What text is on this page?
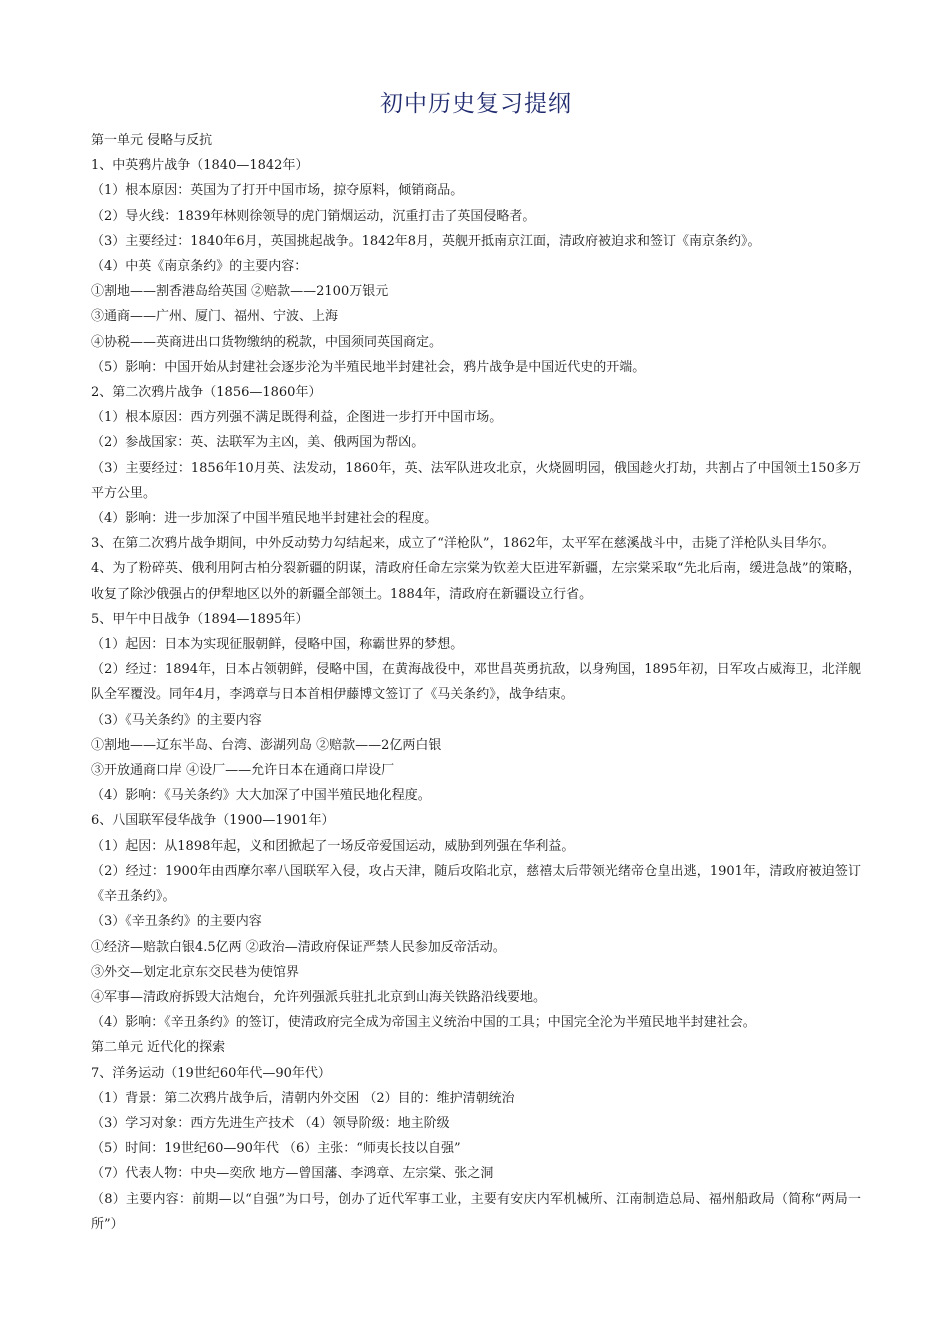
初中历史复习提纲
第一单元 侵略与反抗
1、中英鸦片战争（1840—1842年）
（1）根本原因：英国为了打开中国市场，掠夺原料，倾销商品。
（2）导火线：1839年林则徐领导的虎门销烟运动，沉重打击了英国侵略者。
（3）主要经过：1840年6月，英国挑起战争。1842年8月，英舰开抵南京江面，清政府被迫求和签订《南京条约》。
（4）中英《南京条约》的主要内容：
①割地——割香港岛给英国 ②赔款——2100万银元
③通商——广州、厦门、福州、宁波、上海
④协税——英商进出口货物缴纳的税款，中国须同英国商定。
（5）影响：中国开始从封建社会逐步沦为半殖民地半封建社会，鸦片战争是中国近代史的开端。
2、第二次鸦片战争（1856—1860年）
（1）根本原因：西方列强不满足既得利益，企图进一步打开中国市场。
（2）参战国家：英、法联军为主凶，美、俄两国为帮凶。
（3）主要经过：1856年10月英、法发动，1860年，英、法军队进攻北京，火烧圆明园，俄国趁火打劫，共割占了中国领土150多万平方公里。
（4）影响：进一步加深了中国半殖民地半封建社会的程度。
3、在第二次鸦片战争期间，中外反动势力勾结起来，成立了“洋枪队”，1862年，太平军在慈溪战斗中，击毙了洋枪队头目华尔。
4、为了粉碎英、俄利用阿古柏分裂新疆的阴谋，清政府任命左宗棠为钦差大臣进军新疆，左宗棠采取“先北后南，缓进急战”的策略，收复了除沙俄强占的伊犁地区以外的新疆全部领土。1884年，清政府在新疆设立行省。
5、甲午中日战争（1894—1895年）
（1）起因：日本为实现征服朝鲜，侵略中国，称霸世界的梦想。
（2）经过：1894年，日本占领朝鲜，侵略中国，在黄海战役中，邓世昌英勇抗敌，以身殉国，1895年初，日军攻占威海卫，北洋舰队全军覆没。同年4月，李鸿章与日本首相伊藤博文签订了《马关条约》，战争结束。
（3）《马关条约》的主要内容
①割地——辽东半岛、台湾、澎湖列岛 ②赔款——2亿两白银
③开放通商口岸 ④设厂——允许日本在通商口岸设厂
（4）影响：《马关条约》大大加深了中国半殖民地化程度。
6、八国联军侵华战争（1900—1901年）
（1）起因：从1898年起，义和团掀起了一场反帝爱国运动，威胁到列强在华利益。
（2）经过：1900年由西摩尔率八国联军入侵，攻占天津，随后攻陷北京，慈禧太后带领光绪帝仓皇出逃，1901年，清政府被迫签订《辛丑条约》。
（3）《辛丑条约》的主要内容
①经济—赔款白银4.5亿两 ②政治—清政府保证严禁人民参加反帝活动。
③外交—划定北京东交民巷为使馆界
④军事—清政府拆毁大沽炮台，允许列强派兵驻扎北京到山海关铁路沿线要地。
（4）影响：《辛丑条约》的签订，使清政府完全成为帝国主义统治中国的工具；中国完全沦为半殖民地半封建社会。
第二单元 近代化的探索
7、洋务运动（19世纪60年代—90年代）
（1）背景：第二次鸦片战争后，清朝内外交困 （2）目的：维护清朝统治
（3）学习对象：西方先进生产技术 （4）领导阶级：地主阶级
（5）时间：19世纪60—90年代 （6）主张：“师夷长技以自强”
（7）代表人物：中央—奕欣 地方—曾国藩、李鸿章、左宗棠、张之洞
（8）主要内容：前期—以“自强”为口号，创办了近代军事工业，主要有安庆内军机械所、江南制造总局、福州船政局（简称“两局一所”）
